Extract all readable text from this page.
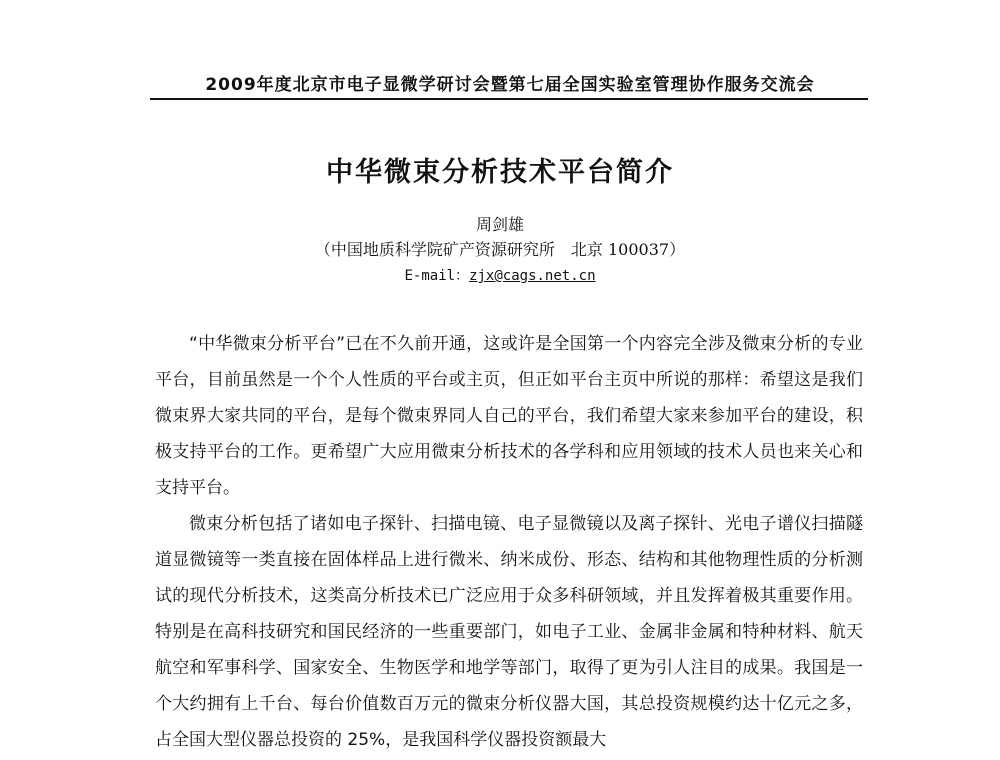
2009年度北京市电子显微学研讨会暨第七届全国实验室管理协作服务交流会
中华微束分析技术平台简介
周剑雄
（中国地质科学院矿产资源研究所　北京 100037）
E-mail：zjx@cags.net.cn

“中华微束分析平台”已在不久前开通，这或许是全国第一个内容完全涉及微束分析的专业平台，目前虽然是一个个人性质的平台或主页，但正如平台主页中所说的那样：希望这是我们微束界大家共同的平台，是每个微束界同人自己的平台，我们希望大家来参加平台的建设，积极支持平台的工作。更希望广大应用微束分析技术的各学科和应用领域的技术人员也来关心和支持平台。

微束分析包括了诸如电子探针、扫描电镜、电子显微镜以及离子探针、光电子谱仪扫描隧道显微镜等一类直接在固体样品上进行微米、纳米成份、形态、结构和其他物理性质的分析测试的现代分析技术，这类高分析技术已广泛应用于众多科研领域，并且发挥着极其重要作用。特别是在高科技研究和国民经济的一些重要部门，如电子工业、金属非金属和特种材料、航天航空和军事科学、国家安全、生物医学和地学等部门，取得了更为引人注目的成果。我国是一个大约拥有上千台、每台价值数百万元的微束分析仪器大国，其总投资规模约达十亿元之多，占全国大型仪器总投资的 25%，是我国科学仪器投资额最大
